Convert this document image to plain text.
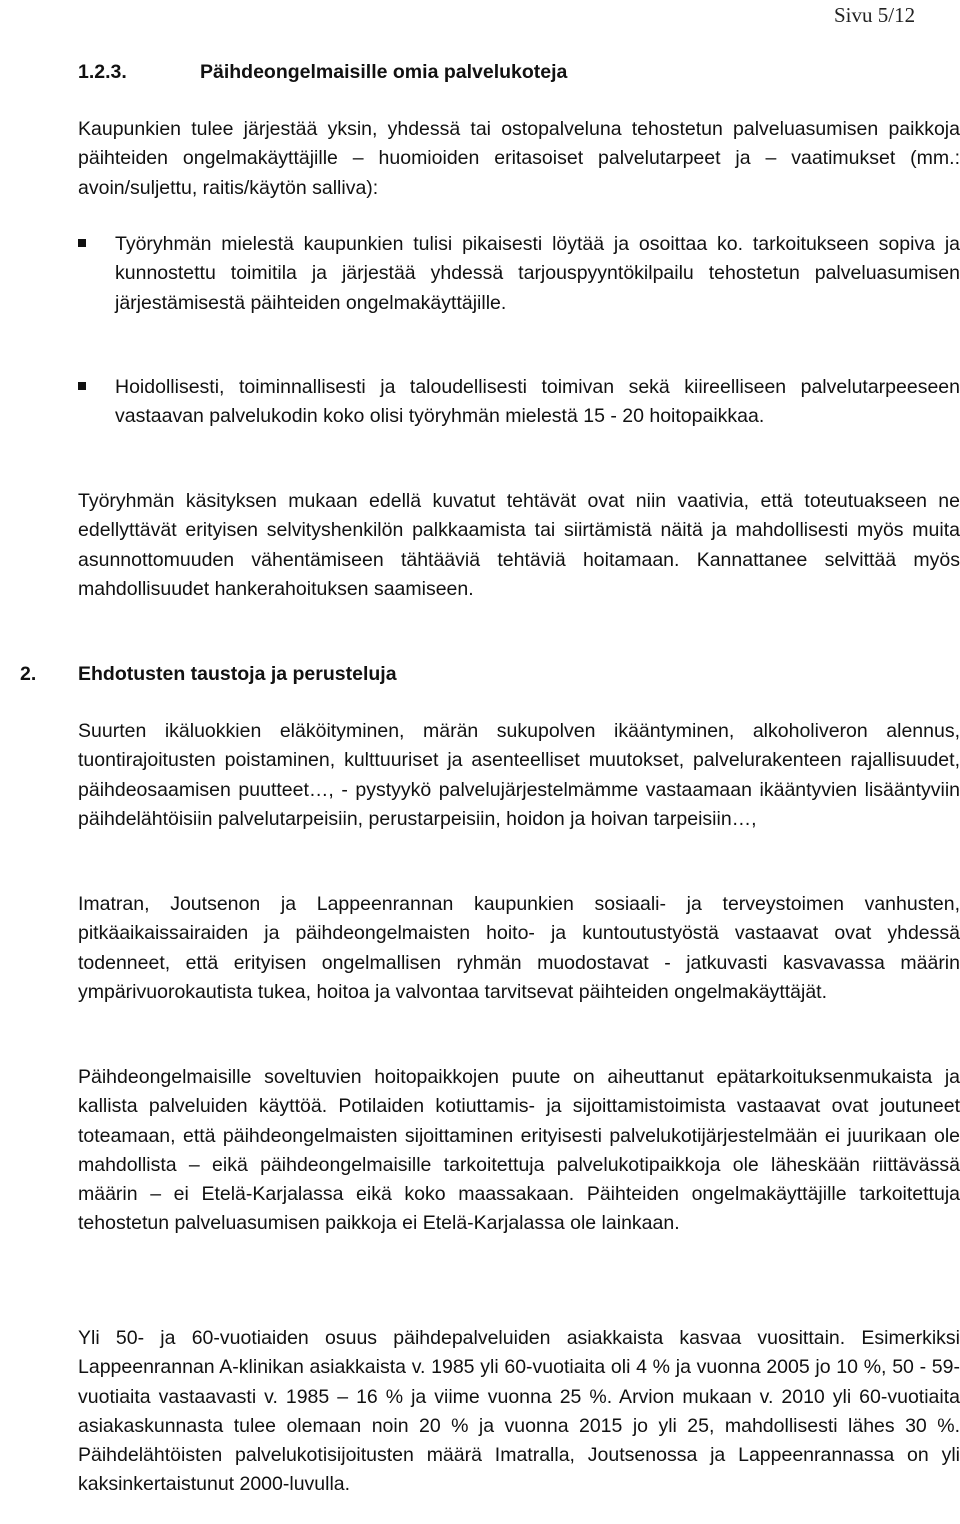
Sivu 5/12
1.2.3.	Päihdeongelmaisille omia palvelukoteja

Kaupunkien tulee järjestää yksin, yhdessä tai ostopalveluna tehostetun palveluasumisen paikkoja päihteiden ongelmakäyttäjille – huomioiden eritasoiset palvelutarpeet ja – vaatimukset (mm.: avoin/suljettu, raitis/käytön salliva):

Työryhmän mielestä kaupunkien tulisi pikaisesti löytää ja osoittaa ko. tarkoitukseen sopiva ja kunnostettu toimitila ja järjestää yhdessä tarjouspyyntökilpailu tehostetun palveluasumisen järjestämisestä päihteiden ongelmakäyttäjille.

Hoidollisesti, toiminnallisesti ja taloudellisesti toimivan sekä kiireelliseen palvelutarpeeseen vastaavan palvelukodin koko olisi työryhmän mielestä 15 - 20 hoitopaikkaa.

Työryhmän käsityksen mukaan edellä kuvatut tehtävät ovat niin vaativia, että toteutuakseen ne edellyttävät erityisen selvityshenkilön palkkaamista tai siirtämistä näitä ja mahdollisesti myös muita asunnottomuuden vähentämiseen tähtääviä tehtäviä hoitamaan. Kannattanee selvittää myös mahdollisuudet hankerahoituksen saamiseen.

2. Ehdotusten taustoja ja perusteluja

Suurten ikäluokkien eläköityminen, märän sukupolven ikääntyminen, alkoholiveron alennus, tuontirajoitusten poistaminen, kulttuuriset ja asenteelliset muutokset, palvelurakenteen rajallisuudet, päihdeosaamisen puutteet…, - pystyykö palvelujärjestelmämme vastaamaan ikääntyvien lisääntyviin päihdelähtöisiin palvelutarpeisiin, perustarpeisiin, hoidon ja hoivan tarpeisiin…,

Imatran, Joutsenon ja Lappeenrannan kaupunkien sosiaali- ja terveystoimen vanhusten, pitkäaikaissairaiden ja päihdeongelmaisten hoito- ja kuntoutustyöstä vastaavat ovat yhdessä todenneet, että erityisen ongelmallisen ryhmän muodostavat - jatkuvasti kasvavassa määrin ympärivuorokautista tukea, hoitoa ja valvontaa tarvitsevat päihteiden ongelmakäyttäjät.

Päihdeongelmaisille soveltuvien hoitopaikkojen puute on aiheuttanut epätarkoituksenmukaista ja kallista palveluiden käyttöä. Potilaiden kotiuttamis- ja sijoittamistoimista vastaavat ovat joutuneet toteamaan, että päihdeongelmaisten sijoittaminen erityisesti palvelukotijärjestelmään ei juurikaan ole mahdollista – eikä päihdeongelmaisille tarkoitettuja palvelukotipaikkoja ole läheskään riittävässä määrin – ei Etelä-Karjalassa eikä koko maassakaan. Päihteiden ongelmakäyttäjille tarkoitettuja tehostetun palveluasumisen paikkoja ei Etelä-Karjalassa ole lainkaan.

Yli 50- ja 60-vuotiaiden osuus päihdepalveluiden asiakkaista kasvaa vuosittain. Esimerkiksi Lappeenrannan A-klinikan asiakkaista v. 1985 yli 60-vuotiaita oli 4 % ja vuonna 2005 jo 10 %, 50 - 59-vuotiaita vastaavasti v. 1985 – 16 % ja viime vuonna 25 %. Arvion mukaan v. 2010 yli 60-vuotiaita asiakaskunnasta tulee olemaan noin 20 % ja vuonna 2015 jo yli 25, mahdollisesti lähes 30 %. Päihdelähtöisten palvelukotisijoitusten määrä Imatralla, Joutsenossa ja Lappeenrannassa on yli kaksinkertaistunut 2000-luvulla.
